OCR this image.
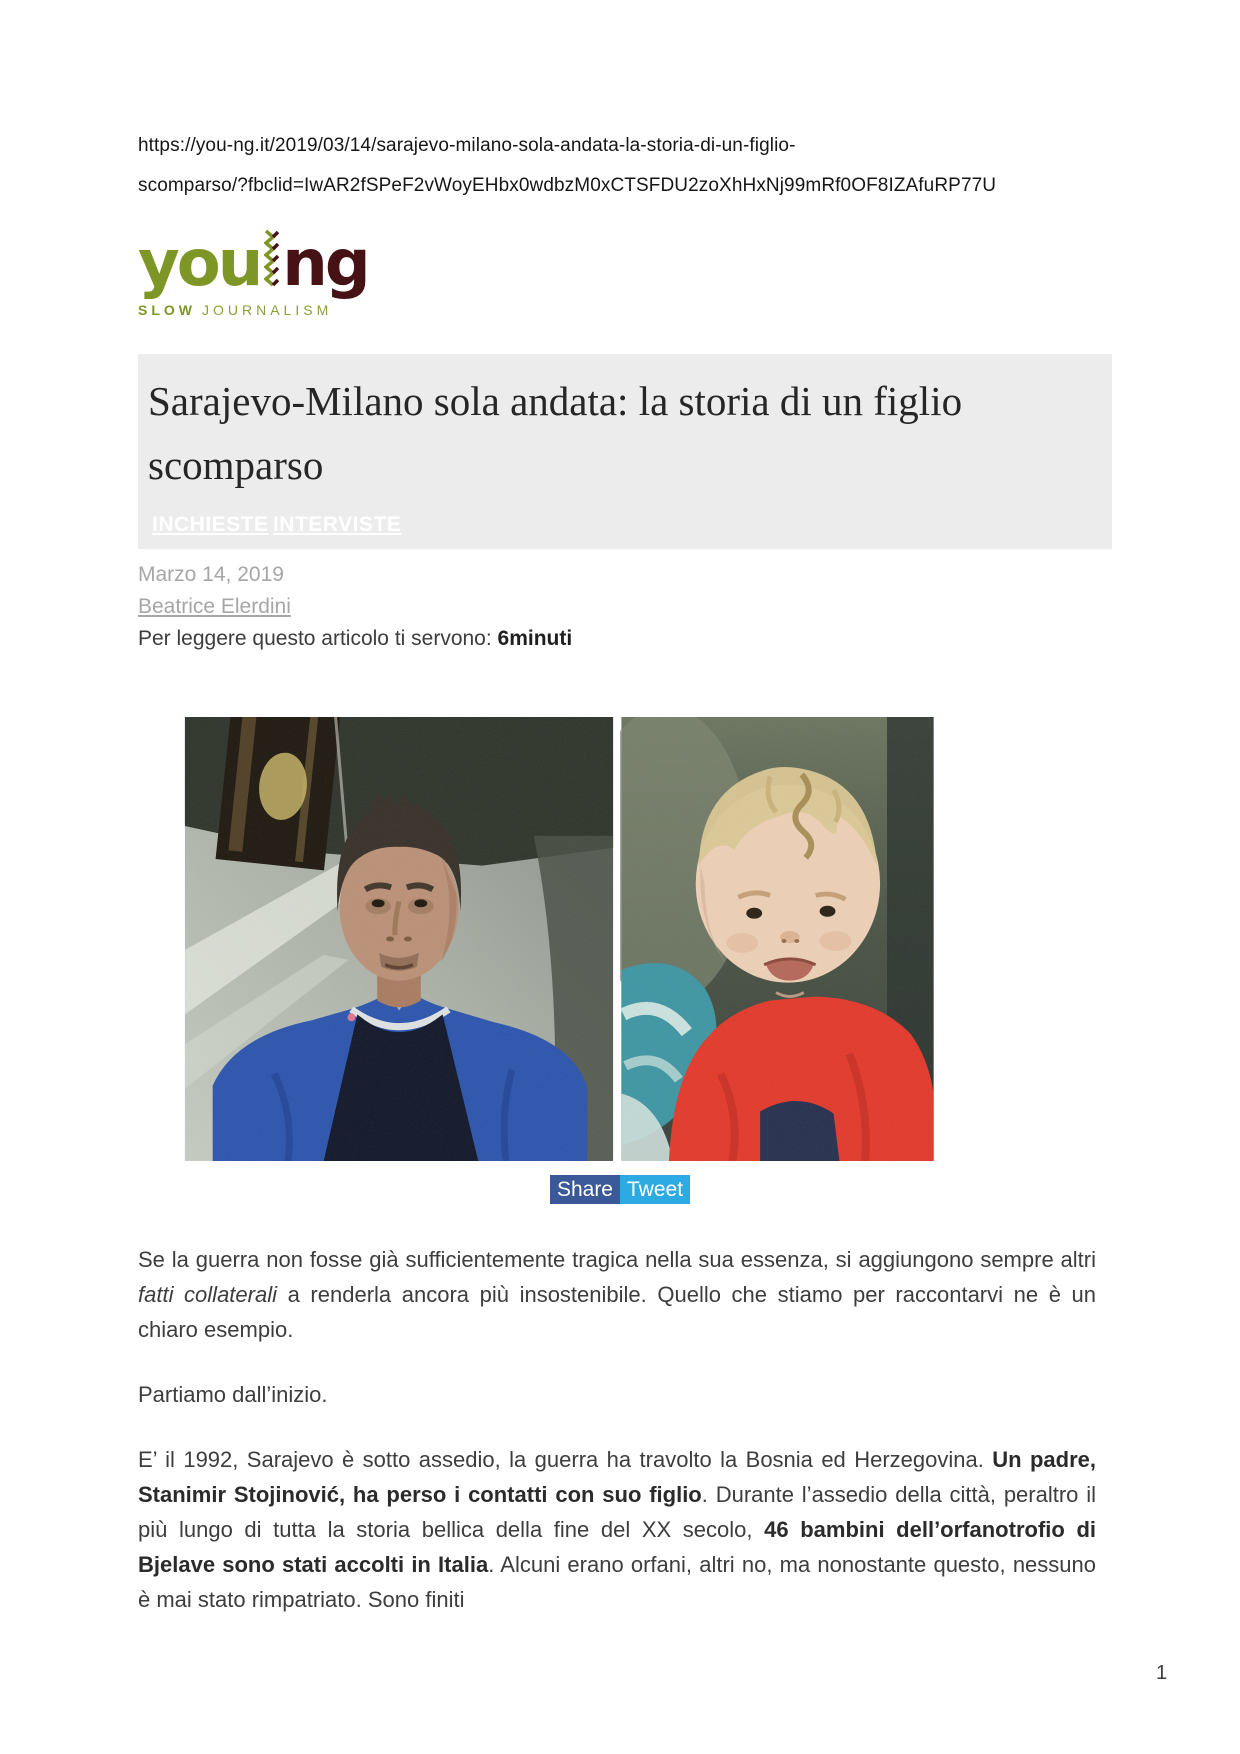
https://you-ng.it/2019/03/14/sarajevo-milano-sola-andata-la-storia-di-un-figlio-
scomparso/?fbclid=IwAR2fSPeF2vWoyEHbx0wdbzM0xCTSFDU2zoXhHxNj99mRf0OF8IZAfuRP77U
you ng
SLOW JOURNALISM
Sarajevo-Milano sola andata: la storia di un figlio scomparso
INCHIESTE INTERVISTE
Marzo 14, 2019
Beatrice Elerdini
Per leggere questo articolo ti servono: 6minuti
Share Tweet

Se la guerra non fosse già sufficientemente tragica nella sua essenza, si aggiungono sempre altri fatti collaterali a renderla ancora più insostenibile. Quello che stiamo per raccontarvi ne è un chiaro esempio.

Partiamo dall’inizio.

E’ il 1992, Sarajevo è sotto assedio, la guerra ha travolto la Bosnia ed Herzegovina. Un padre, Stanimir Stojinović, ha perso i contatti con suo figlio. Durante l’assedio della città, peraltro il più lungo di tutta la storia bellica della fine del XX secolo, 46 bambini dell’orfanotrofio di Bjelave sono stati accolti in Italia. Alcuni erano orfani, altri no, ma nonostante questo, nessuno è mai stato rimpatriato. Sono finiti

1
